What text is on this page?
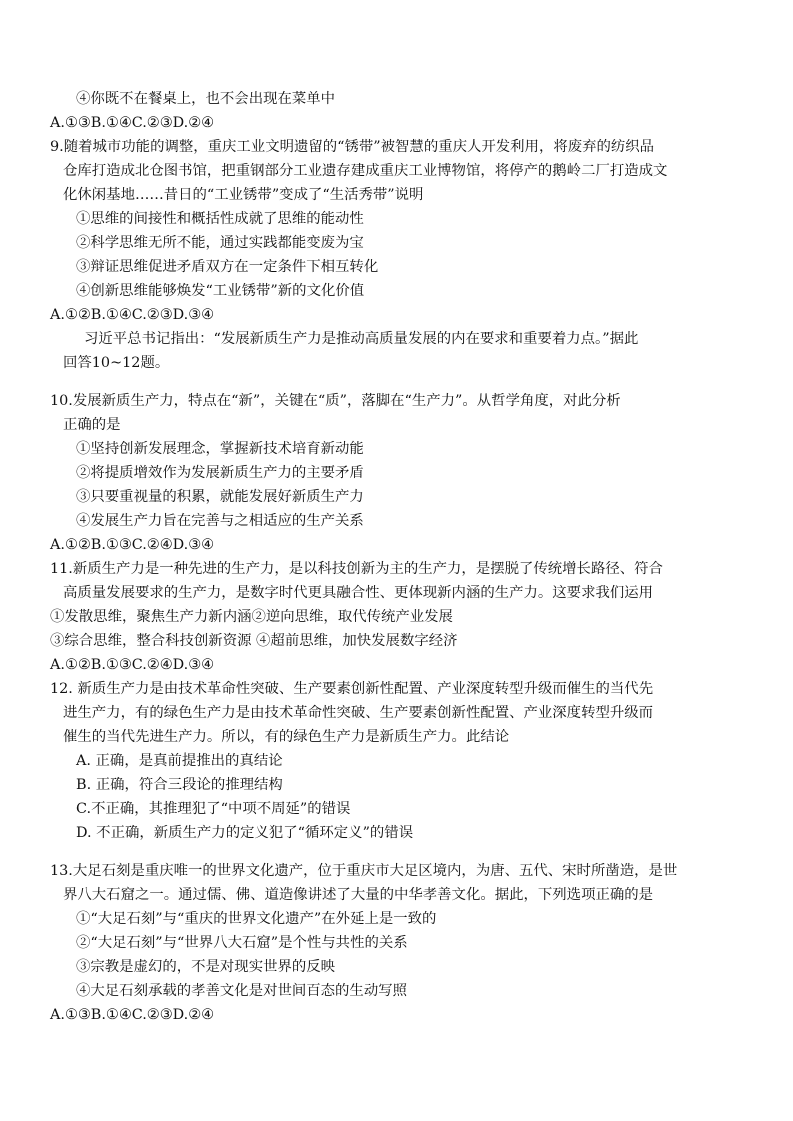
④你既不在餐桌上，也不会出现在菜单中
A.①③B.①④C.②③D.②④
9.随着城市功能的调整，重庆工业文明遗留的“锈带”被智慧的重庆人开发利用，将废弃的纺织品
仓库打造成北仓图书馆，把重钢部分工业遗存建成重庆工业博物馆，将停产的鹅岭二厂打造成文
化休闲基地……昔日的“工业锈带”变成了“生活秀带”说明
①思维的间接性和概括性成就了思维的能动性
②科学思维无所不能，通过实践都能变废为宝
③辩证思维促进矛盾双方在一定条件下相互转化
④创新思维能够焕发“工业锈带”新的文化价值
A.①②B.①④C.②③D.③④
习近平总书记指出：“发展新质生产力是推动高质量发展的内在要求和重要着力点。”据此
回答10~12题。
10.发展新质生产力，特点在“新”，关键在“质”，落脚在“生产力”。从哲学角度，对此分析
正确的是
①坚持创新发展理念，掌握新技术培育新动能
②将提质增效作为发展新质生产力的主要矛盾
③只要重视量的积累，就能发展好新质生产力
④发展生产力旨在完善与之相适应的生产关系
A.①②B.①③C.②④D.③④
11.新质生产力是一种先进的生产力，是以科技创新为主的生产力，是摆脱了传统增长路径、符合
高质量发展要求的生产力，是数字时代更具融合性、更体现新内涵的生产力。这要求我们运用
①发散思维，聚焦生产力新内涵②逆向思维，取代传统产业发展
③综合思维，整合科技创新资源 ④超前思维，加快发展数字经济
A.①②B.①③C.②④D.③④
12. 新质生产力是由技术革命性突破、生产要素创新性配置、产业深度转型升级而催生的当代先
进生产力，有的绿色生产力是由技术革命性突破、生产要素创新性配置、产业深度转型升级而
催生的当代先进生产力。所以，有的绿色生产力是新质生产力。此结论
A. 正确，是真前提推出的真结论
B. 正确，符合三段论的推理结构
C.不正确，其推理犯了“中项不周延”的错误
D. 不正确，新质生产力的定义犯了“循环定义”的错误
13.大足石刻是重庆唯一的世界文化遗产，位于重庆市大足区境内，为唐、五代、宋时所凿造，是世
界八大石窟之一。通过儒、佛、道造像讲述了大量的中华孝善文化。据此，下列选项正确的是
①“大足石刻”与“重庆的世界文化遗产”在外延上是一致的
②“大足石刻”与“世界八大石窟”是个性与共性的关系
③宗教是虚幻的，不是对现实世界的反映
④大足石刻承载的孝善文化是对世间百态的生动写照
A.①③B.①④C.②③D.②④
